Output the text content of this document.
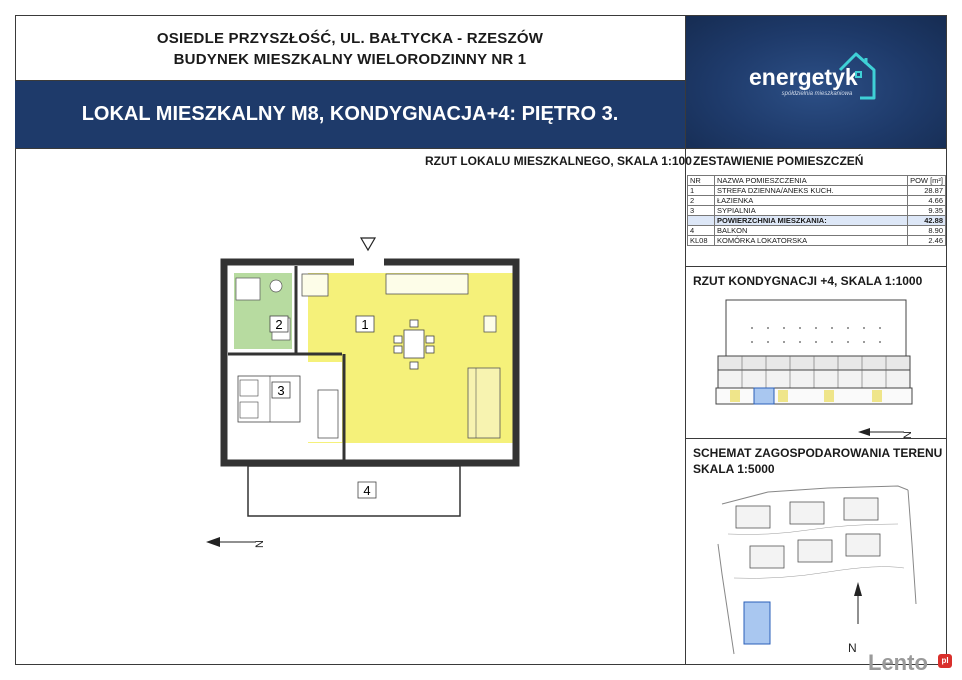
OSIEDLE PRZYSZŁOŚĆ, UL. BAŁTYCKA - RZESZÓW
BUDYNEK MIESZKALNY WIELORODZINNY NR 1
LOKAL MIESZKALNY M8, KONDYGNACJA+4: PIĘTRO 3.
energetyk
spółdzielnia mieszkaniowa
RZUT LOKALU MIESZKALNEGO, SKALA 1:100 ZESTAWIENIE POMIESZCZEŃ
NR	NAZWA POMIESZCZENIA	POW [m²]
1	STREFA DZIENNA/ANEKS KUCH.	28.87
2	ŁAZIENKA	4.66
3	SYPIALNIA	9.35
	POWIERZCHNIA MIESZKANIA:	42.88
4	BALKON	8.90
KL08	KOMÓRKA LOKATORSKA	2.46
RZUT KONDYGNACJI +4, SKALA 1:1000
N
SCHEMAT ZAGOSPODAROWANIA TERENU
SKALA 1:5000
N
1
2
3
4
N
Lento	pl
